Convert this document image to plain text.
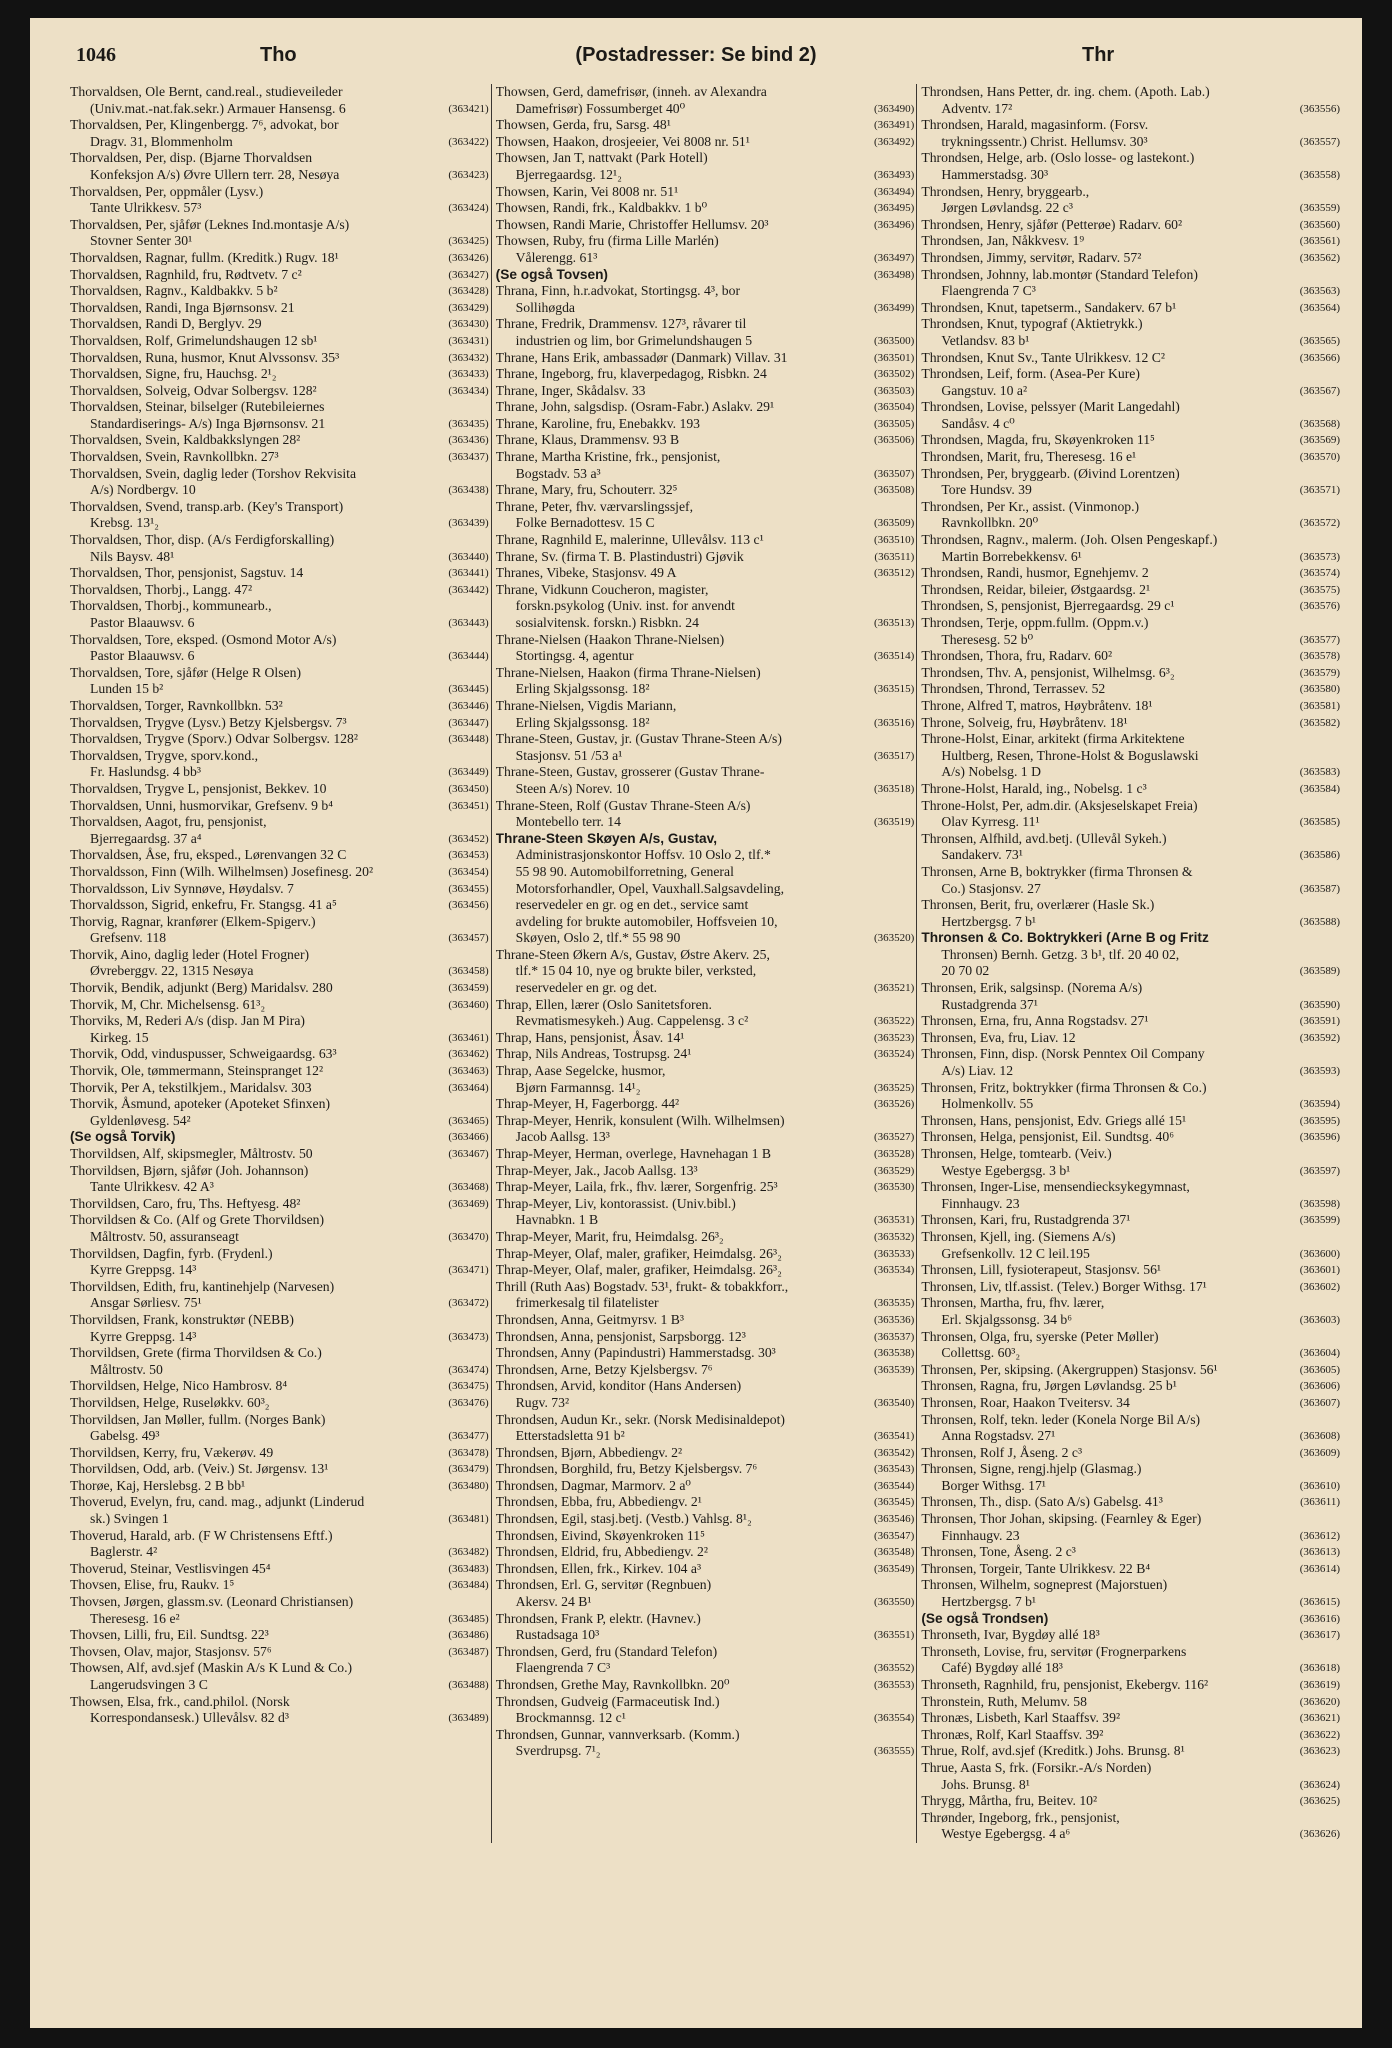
1046	Tho	(Postadresser: Se bind 2)	Thr
Thorvaldsen, Ole Bernt, cand.real., studieveileder
(Univ.mat.-nat.fak.sekr.) Armauer Hansensg. 6	(363421)
Thorvaldsen, Per, Klingenbergg. 7⁶, advokat, bor
Dragv. 31, Blommenholm	(363422)
Thorvaldsen, Per, disp. (Bjarne Thorvaldsen
Konfeksjon A/s) Øvre Ullern terr. 28, Nesøya	(363423)
Thorvaldsen, Per, oppmåler (Lysv.)
Tante Ulrikkesv. 57³	(363424)
Thorvaldsen, Per, sjåfør (Leknes Ind.montasje A/s)
Stovner Senter 30¹	(363425)
Thorvaldsen, Ragnar, fullm. (Kreditk.) Rugv. 18¹	(363426)
Thorvaldsen, Ragnhild, fru, Rødtvetv. 7 c²	(363427)
Thorvaldsen, Ragnv., Kaldbakkv. 5 b²	(363428)
Thorvaldsen, Randi, Inga Bjørnsonsv. 21	(363429)
Thorvaldsen, Randi D, Berglyv. 29	(363430)
Thorvaldsen, Rolf, Grimelundshaugen 12 sb¹	(363431)
Thorvaldsen, Runa, husmor, Knut Alvssonsv. 35³	(363432)
Thorvaldsen, Signe, fru, Hauchsg. 2¹₂	(363433)
Thorvaldsen, Solveig, Odvar Solbergsv. 128²	(363434)
Thorvaldsen, Steinar, bilselger (Rutebileiernes
Standardiserings- A/s) Inga Bjørnsonsv. 21	(363435)
Thorvaldsen, Svein, Kaldbakkslyngen 28²	(363436)
Thorvaldsen, Svein, Ravnkollbkn. 27³	(363437)
Thorvaldsen, Svein, daglig leder (Torshov Rekvisita
A/s) Nordbergv. 10	(363438)
Thorvaldsen, Svend, transp.arb. (Key's Transport)
Krebsg. 13¹₂	(363439)
Thorvaldsen, Thor, disp. (A/s Ferdigforskalling)
Nils Baysv. 48¹	(363440)
Thorvaldsen, Thor, pensjonist, Sagstuv. 14	(363441)
Thorvaldsen, Thorbj., Langg. 47²	(363442)
Thorvaldsen, Thorbj., kommunearb.,
Pastor Blaauwsv. 6	(363443)
Thorvaldsen, Tore, eksped. (Osmond Motor A/s)
Pastor Blaauwsv. 6	(363444)
Thorvaldsen, Tore, sjåfør (Helge R Olsen)
Lunden 15 b²	(363445)
Thorvaldsen, Torger, Ravnkollbkn. 53²	(363446)
Thorvaldsen, Trygve (Lysv.) Betzy Kjelsbergsv. 7³	(363447)
Thorvaldsen, Trygve (Sporv.) Odvar Solbergsv. 128²	(363448)
Thorvaldsen, Trygve, sporv.kond.,
Fr. Haslundsg. 4 bb³	(363449)
Thorvaldsen, Trygve L, pensjonist, Bekkev. 10	(363450)
Thorvaldsen, Unni, husmorvikar, Grefsenv. 9 b⁴	(363451)
Thorvaldsen, Aagot, fru, pensjonist,
Bjerregaardsg. 37 a⁴	(363452)
Thorvaldsen, Åse, fru, eksped., Lørenvangen 32 C	(363453)
Thorvaldsson, Finn (Wilh. Wilhelmsen) Josefinesg. 20²	(363454)
Thorvaldsson, Liv Synnøve, Høydalsv. 7	(363455)
Thorvaldsson, Sigrid, enkefru, Fr. Stangsg. 41 a⁵	(363456)
Thorvig, Ragnar, kranfører (Elkem-Spigerv.)
Grefsenv. 118	(363457)
Thorvik, Aino, daglig leder (Hotel Frogner)
Øvreberggv. 22, 1315 Nesøya	(363458)
Thorvik, Bendik, adjunkt (Berg) Maridalsv. 280	(363459)
Thorvik, M, Chr. Michelsensg. 61³₂	(363460)
Thorviks, M, Rederi A/s (disp. Jan M Pira)
Kirkeg. 15	(363461)
Thorvik, Odd, vinduspusser, Schweigaardsg. 63³	(363462)
Thorvik, Ole, tømmermann, Steinspranget 12²	(363463)
Thorvik, Per A, tekstilkjem., Maridalsv. 303	(363464)
Thorvik, Åsmund, apoteker (Apoteket Sfinxen)
Gyldenløvesg. 54²	(363465)
(Se også Torvik)	(363466)
Thorvildsen, Alf, skipsmegler, Måltrostv. 50	(363467)
Thorvildsen, Bjørn, sjåfør (Joh. Johannson)
Tante Ulrikkesv. 42 A³	(363468)
Thorvildsen, Caro, fru, Ths. Heftyesg. 48²	(363469)
Thorvildsen & Co. (Alf og Grete Thorvildsen)
Måltrostv. 50, assuranseagt	(363470)
Thorvildsen, Dagfin, fyrb. (Frydenl.)
Kyrre Greppsg. 14³	(363471)
Thorvildsen, Edith, fru, kantinehjelp (Narvesen)
Ansgar Sørliesv. 75¹	(363472)
Thorvildsen, Frank, konstruktør (NEBB)
Kyrre Greppsg. 14³	(363473)
Thorvildsen, Grete (firma Thorvildsen & Co.)
Måltrostv. 50	(363474)
Thorvildsen, Helge, Nico Hambrosv. 8⁴	(363475)
Thorvildsen, Helge, Ruseløkkv. 60³₂	(363476)
Thorvildsen, Jan Møller, fullm. (Norges Bank)
Gabelsg. 49³	(363477)
Thorvildsen, Kerry, fru, Vækerøv. 49	(363478)
Thorvildsen, Odd, arb. (Veiv.) St. Jørgensv. 13¹	(363479)
Thorøe, Kaj, Herslebsg. 2 B bb¹	(363480)
Thoverud, Evelyn, fru, cand. mag., adjunkt (Linderud
sk.) Svingen 1	(363481)
Thoverud, Harald, arb. (F W Christensens Eftf.)
Baglerstr. 4²	(363482)
Thoverud, Steinar, Vestlisvingen 45⁴	(363483)
Thovsen, Elise, fru, Raukv. 1⁵	(363484)
Thovsen, Jørgen, glassm.sv. (Leonard Christiansen)
Theresesg. 16 e²	(363485)
Thovsen, Lilli, fru, Eil. Sundtsg. 22³	(363486)
Thovsen, Olav, major, Stasjonsv. 57⁶	(363487)
Thowsen, Alf, avd.sjef (Maskin A/s K Lund & Co.)
Langerudsvingen 3 C	(363488)
Thowsen, Elsa, frk., cand.philol. (Norsk
Korrespondansesk.) Ullevålsv. 82 d³	(363489)
Thowsen, Gerd, damefrisør, (inneh. av Alexandra
Damefrisør) Fossumberget 40⁰	(363490)
Thowsen, Gerda, fru, Sarsg. 48¹	(363491)
Thowsen, Haakon, drosjeeier, Vei 8008 nr. 51¹	(363492)
Thowsen, Jan T, nattvakt (Park Hotell)
Bjerregaardsg. 12¹₂	(363493)
Thowsen, Karin, Vei 8008 nr. 51¹	(363494)
Thowsen, Randi, frk., Kaldbakkv. 1 b⁰	(363495)
Thowsen, Randi Marie, Christoffer Hellumsv. 20³	(363496)
Thowsen, Ruby, fru (firma Lille Marlén)
Vålerengg. 61³	(363497)
(Se også Tovsen)	(363498)
Thrana, Finn, h.r.advokat, Stortingsg. 4³, bor
Sollihøgda	(363499)
Thrane, Fredrik, Drammensv. 127³, råvarer til
industrien og lim, bor Grimelundshaugen 5	(363500)
Thrane, Hans Erik, ambassadør (Danmark) Villav. 31	(363501)
Thrane, Ingeborg, fru, klaverpedagog, Risbkn. 24	(363502)
Thrane, Inger, Skådalsv. 33	(363503)
Thrane, John, salgsdisp. (Osram-Fabr.) Aslakv. 29¹	(363504)
Thrane, Karoline, fru, Enebakkv. 193	(363505)
Thrane, Klaus, Drammensv. 93 B	(363506)
Thrane, Martha Kristine, frk., pensjonist,
Bogstadv. 53 a³	(363507)
Thrane, Mary, fru, Schouterr. 32⁵	(363508)
Thrane, Peter, fhv. værvarslingssjef,
Folke Bernadottesv. 15 C	(363509)
Thrane, Ragnhild E, malerinne, Ullevålsv. 113 c¹	(363510)
Thrane, Sv. (firma T. B. Plastindustri) Gjøvik	(363511)
Thranes, Vibeke, Stasjonsv. 49 A	(363512)
Thrane, Vidkunn Coucheron, magister,
forskn.psykolog (Univ. inst. for anvendt
sosialvitensk. forskn.) Risbkn. 24	(363513)
Thrane-Nielsen (Haakon Thrane-Nielsen)
Stortingsg. 4, agentur	(363514)
Thrane-Nielsen, Haakon (firma Thrane-Nielsen)
Erling Skjalgssonsg. 18²	(363515)
Thrane-Nielsen, Vigdis Mariann,
Erling Skjalgssonsg. 18²	(363516)
Thrane-Steen, Gustav, jr. (Gustav Thrane-Steen A/s)
Stasjonsv. 51 /53 a¹	(363517)
Thrane-Steen, Gustav, grosserer (Gustav Thrane-
Steen A/s) Norev. 10	(363518)
Thrane-Steen, Rolf (Gustav Thrane-Steen A/s)
Montebello terr. 14	(363519)
Thrane-Steen Skøyen A/s, Gustav,
Administrasjonskontor Hoffsv. 10 Oslo 2, tlf.*
55 98 90. Automobilforretning, General
Motorsforhandler, Opel, Vauxhall.Salgsavdeling,
reservedeler en gr. og en det., service samt
avdeling for brukte automobiler, Hoffsveien 10,
Skøyen, Oslo 2, tlf.* 55 98 90	(363520)
Thrane-Steen Økern A/s, Gustav, Østre Akerv. 25,
tlf.* 15 04 10, nye og brukte biler, verksted,
reservedeler en gr. og det.	(363521)
Thrap, Ellen, lærer (Oslo Sanitetsforen.
Revmatismesykeh.) Aug. Cappelensg. 3 c²	(363522)
Thrap, Hans, pensjonist, Åsav. 14¹	(363523)
Thrap, Nils Andreas, Tostrupsg. 24¹	(363524)
Thrap, Aase Segelcke, husmor,
Bjørn Farmannsg. 14¹₂	(363525)
Thrap-Meyer, H, Fagerborgg. 44²	(363526)
Thrap-Meyer, Henrik, konsulent (Wilh. Wilhelmsen)
Jacob Aallsg. 13³	(363527)
Thrap-Meyer, Herman, overlege, Havnehagan 1 B	(363528)
Thrap-Meyer, Jak., Jacob Aallsg. 13³	(363529)
Thrap-Meyer, Laila, frk., fhv. lærer, Sorgenfrig. 25³	(363530)
Thrap-Meyer, Liv, kontorassist. (Univ.bibl.)
Havnabkn. 1 B	(363531)
Thrap-Meyer, Marit, fru, Heimdalsg. 26³₂	(363532)
Thrap-Meyer, Olaf, maler, grafiker, Heimdalsg. 26³₂	(363533)
Thrap-Meyer, Olaf, maler, grafiker, Heimdalsg. 26³₂	(363534)
Thrill (Ruth Aas) Bogstadv. 53¹, frukt- & tobakkforr.,
frimerkesalg til filatelister	(363535)
Throndsen, Anna, Geitmyrsv. 1 B³	(363536)
Throndsen, Anna, pensjonist, Sarpsborgg. 12³	(363537)
Throndsen, Anny (Papindustri) Hammerstadsg. 30³	(363538)
Throndsen, Arne, Betzy Kjelsbergsv. 7⁶	(363539)
Throndsen, Arvid, konditor (Hans Andersen)
Rugv. 73²	(363540)
Throndsen, Audun Kr., sekr. (Norsk Medisinaldepot)
Etterstadsletta 91 b²	(363541)
Throndsen, Bjørn, Abbediengv. 2²	(363542)
Throndsen, Borghild, fru, Betzy Kjelsbergsv. 7⁶	(363543)
Throndsen, Dagmar, Marmorv. 2 a⁰	(363544)
Throndsen, Ebba, fru, Abbediengv. 2¹	(363545)
Throndsen, Egil, stasj.betj. (Vestb.) Vahlsg. 8¹₂	(363546)
Throndsen, Eivind, Skøyenkroken 11⁵	(363547)
Throndsen, Eldrid, fru, Abbediengv. 2²	(363548)
Throndsen, Ellen, frk., Kirkev. 104 a³	(363549)
Throndsen, Erl. G, servitør (Regnbuen)
Akersv. 24 B¹	(363550)
Throndsen, Frank P, elektr. (Havnev.)
Rustadsaga 10³	(363551)
Throndsen, Gerd, fru (Standard Telefon)
Flaengrenda 7 C³	(363552)
Throndsen, Grethe May, Ravnkollbkn. 20⁰	(363553)
Throndsen, Gudveig (Farmaceutisk Ind.)
Brockmannsg. 12 c¹	(363554)
Throndsen, Gunnar, vannverksarb. (Komm.)
Sverdrupsg. 7¹₂	(363555)
Throndsen, Hans Petter, dr. ing. chem. (Apoth. Lab.)
Adventv. 17²	(363556)
Throndsen, Harald, magasinform. (Forsv.
trykningssentr.) Christ. Hellumsv. 30³	(363557)
Throndsen, Helge, arb. (Oslo losse- og lastekont.)
Hammerstadsg. 30³	(363558)
Throndsen, Henry, bryggearb.,
Jørgen Løvlandsg. 22 c³	(363559)
Throndsen, Henry, sjåfør (Petterøe) Radarv. 60²	(363560)
Throndsen, Jan, Nåkkvesv. 1⁹	(363561)
Throndsen, Jimmy, servitør, Radarv. 57²	(363562)
Throndsen, Johnny, lab.montør (Standard Telefon)
Flaengrenda 7 C³	(363563)
Throndsen, Knut, tapetserm., Sandakerv. 67 b¹	(363564)
Throndsen, Knut, typograf (Aktietrykk.)
Vetlandsv. 83 b¹	(363565)
Throndsen, Knut Sv., Tante Ulrikkesv. 12 C²	(363566)
Throndsen, Leif, form. (Asea-Per Kure)
Gangstuv. 10 a²	(363567)
Throndsen, Lovise, pelssyer (Marit Langedahl)
Sandåsv. 4 c⁰	(363568)
Throndsen, Magda, fru, Skøyenkroken 11⁵	(363569)
Throndsen, Marit, fru, Theresesg. 16 e¹	(363570)
Throndsen, Per, bryggearb. (Øivind Lorentzen)
Tore Hundsv. 39	(363571)
Throndsen, Per Kr., assist. (Vinmonop.)
Ravnkollbkn. 20⁰	(363572)
Throndsen, Ragnv., malerm. (Joh. Olsen Pengeskapf.)
Martin Borrebekkensv. 6¹	(363573)
Throndsen, Randi, husmor, Egnehjemv. 2	(363574)
Throndsen, Reidar, bileier, Østgaardsg. 2¹	(363575)
Throndsen, S, pensjonist, Bjerregaardsg. 29 c¹	(363576)
Throndsen, Terje, oppm.fullm. (Oppm.v.)
Theresesg. 52 b⁰	(363577)
Throndsen, Thora, fru, Radarv. 60²	(363578)
Throndsen, Thv. A, pensjonist, Wilhelmsg. 6³₂	(363579)
Throndsen, Thrond, Terrassev. 52	(363580)
Throne, Alfred T, matros, Høybråtenv. 18¹	(363581)
Throne, Solveig, fru, Høybråtenv. 18¹	(363582)
Throne-Holst, Einar, arkitekt (firma Arkitektene
Hultberg, Resen, Throne-Holst & Boguslawski
A/s) Nobelsg. 1 D	(363583)
Throne-Holst, Harald, ing., Nobelsg. 1 c³	(363584)
Throne-Holst, Per, adm.dir. (Aksjeselskapet Freia)
Olav Kyrresg. 11¹	(363585)
Thronsen, Alfhild, avd.betj. (Ullevål Sykeh.)
Sandakerv. 73¹	(363586)
Thronsen, Arne B, boktrykker (firma Thronsen &
Co.) Stasjonsv. 27	(363587)
Thronsen, Berit, fru, overlærer (Hasle Sk.)
Hertzbergsg. 7 b¹	(363588)
Thronsen & Co. Boktrykkeri (Arne B og Fritz
Thronsen) Bernh. Getzg. 3 b¹, tlf. 20 40 02,
20 70 02	(363589)
Thronsen, Erik, salgsinsp. (Norema A/s)
Rustadgrenda 37¹	(363590)
Thronsen, Erna, fru, Anna Rogstadsv. 27¹	(363591)
Thronsen, Eva, fru, Liav. 12	(363592)
Thronsen, Finn, disp. (Norsk Penntex Oil Company
A/s) Liav. 12	(363593)
Thronsen, Fritz, boktrykker (firma Thronsen & Co.)
Holmenkollv. 55	(363594)
Thronsen, Hans, pensjonist, Edv. Griegs allé 15¹	(363595)
Thronsen, Helga, pensjonist, Eil. Sundtsg. 40⁶	(363596)
Thronsen, Helge, tomtearb. (Veiv.)
Westye Egebergsg. 3 b¹	(363597)
Thronsen, Inger-Lise, mensendiecksykegymnast,
Finnhaugv. 23	(363598)
Thronsen, Kari, fru, Rustadgrenda 37¹	(363599)
Thronsen, Kjell, ing. (Siemens A/s)
Grefsenkollv. 12 C leil.195	(363600)
Thronsen, Lill, fysioterapeut, Stasjonsv. 56¹	(363601)
Thronsen, Liv, tlf.assist. (Telev.) Borger Withsg. 17¹	(363602)
Thronsen, Martha, fru, fhv. lærer,
Erl. Skjalgssonsg. 34 b⁶	(363603)
Thronsen, Olga, fru, syerske (Peter Møller)
Collettsg. 60³₂	(363604)
Thronsen, Per, skipsing. (Akergruppen) Stasjonsv. 56¹	(363605)
Thronsen, Ragna, fru, Jørgen Løvlandsg. 25 b¹	(363606)
Thronsen, Roar, Haakon Tveitersv. 34	(363607)
Thronsen, Rolf, tekn. leder (Konela Norge Bil A/s)
Anna Rogstadsv. 27¹	(363608)
Thronsen, Rolf J, Åseng. 2 c³	(363609)
Thronsen, Signe, rengj.hjelp (Glasmag.)
Borger Withsg. 17¹	(363610)
Thronsen, Th., disp. (Sato A/s) Gabelsg. 41³	(363611)
Thronsen, Thor Johan, skipsing. (Fearnley & Eger)
Finnhaugv. 23	(363612)
Thronsen, Tone, Åseng. 2 c³	(363613)
Thronsen, Torgeir, Tante Ulrikkesv. 22 B⁴	(363614)
Thronsen, Wilhelm, sogneprest (Majorstuen)
Hertzbergsg. 7 b¹	(363615)
(Se også Trondsen)	(363616)
Thronseth, Ivar, Bygdøy allé 18³	(363617)
Thronseth, Lovise, fru, servitør (Frognerparkens
Café) Bygdøy allé 18³	(363618)
Thronseth, Ragnhild, fru, pensjonist, Ekebergv. 116²	(363619)
Thronstein, Ruth, Melumv. 58	(363620)
Thronæs, Lisbeth, Karl Staaffsv. 39²	(363621)
Thronæs, Rolf, Karl Staaffsv. 39²	(363622)
Thrue, Rolf, avd.sjef (Kreditk.) Johs. Brunsg. 8¹	(363623)
Thrue, Aasta S, frk. (Forsikr.-A/s Norden)
Johs. Brunsg. 8¹	(363624)
Thrygg, Mårtha, fru, Beitev. 10²	(363625)
Thrønder, Ingeborg, frk., pensjonist,
Westye Egebergsg. 4 a⁶	(363626)
